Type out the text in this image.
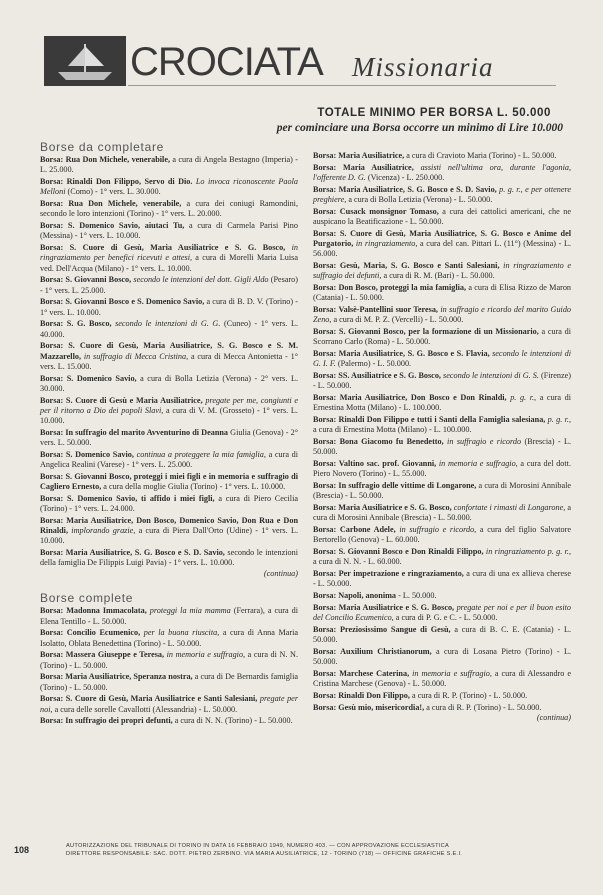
CROCIATA Missionaria
TOTALE MINIMO PER BORSA L. 50.000
per cominciare una Borsa occorre un minimo di Lire 10.000
Borse da completare
Borsa: Rua Don Michele, venerabile, a cura di Angela Bestagno (Imperia) - L. 25.000.
Borsa: Rinaldi Don Filippo, Servo di Dio. Lo invoca riconoscente Paola Melloni (Como) - 1° vers. L. 30.000.
Borsa: Rua Don Michele, venerabile, a cura dei coniugi Ramondini, secondo le loro intenzioni (Torino) - 1° vers. L. 20.000.
Borsa: S. Domenico Savio, aiutaci Tu, a cura di Carmela Parisi Pino (Messina) - 1° vers. L. 10.000.
Borsa: S. Cuore di Gesù, Maria Ausiliatrice e S. G. Bosco, in ringraziamento per benefici ricevuti e attesi, a cura di Morelli Maria Luisa ved. Dell'Acqua (Milano) - 1° vers. L. 10.000.
Borsa: S. Giovanni Bosco, secondo le intenzioni del dott. Gigli Aldo (Pesaro) - 1° vers. L. 25.000.
Borsa: S. Giovanni Bosco e S. Domenico Savio, a cura di B. D. V. (Torino) - 1° vers. L. 10.000.
Borsa: S. G. Bosco, secondo le intenzioni di G. G. (Cuneo) - 1° vers. L. 40.000.
Borsa: S. Cuore di Gesù, Maria Ausiliatrice, S. G. Bosco e S. M. Mazzarello, in suffragio di Mecca Cristina, a cura di Mecca Antonietta - 1° vers. L. 15.000.
Borsa: S. Domenico Savio, a cura di Bolla Letizia (Verona) - 2° vers. L. 30.000.
Borsa: S. Cuore di Gesù e Maria Ausiliatrice, pregate per me, congiunti e per il ritorno a Dio dei popoli Slavi, a cura di V. M. (Grosseto) - 1° vers. L. 10.000.
Borsa: In suffragio del marito Avventurino di Deanna Giulia (Genova) - 2° vers. L. 50.000.
Borsa: S. Domenico Savio, continua a proteggere la mia famiglia, a cura di Angelica Realini (Varese) - 1° vers. L. 25.000.
Borsa: S. Giovanni Bosco, proteggi i miei figli e in memoria e suffragio di Cagliero Ernesto, a cura della moglie Giulia (Torino) - 1° vers. L. 10.000.
Borsa: S. Domenico Savio, ti affido i miei figli, a cura di Piero Cecilia (Torino) - 1° vers. L. 24.000.
Borsa: Maria Ausiliatrice, Don Bosco, Domenico Savio, Don Rua e Don Rinaldi, implorando grazie, a cura di Piera Dall'Orto (Udine) - 1° vers. L. 10.000.
Borsa: Maria Ausiliatrice, S. G. Bosco e S. D. Savio, secondo le intenzioni della famiglia De Filippis Luigi Pavia) - 1° vers. L. 10.000.
(continua)
Borse complete
Borsa: Madonna Immacolata, proteggi la mia mamma (Ferrara), a cura di Elena Tentillo - L. 50.000.
Borsa: Concilio Ecumenico, per la buona riuscita, a cura di Anna Maria Isolatto, Oblata Benedettina (Torino) - L. 50.000.
Borsa: Massera Giuseppe e Teresa, in memoria e suffragio, a cura di N. N. (Torino) - L. 50.000.
Borsa: Maria Ausiliatrice, Speranza nostra, a cura di De Bernardis famiglia (Torino) - L. 50.000.
Borsa: S. Cuore di Gesù, Maria Ausiliatrice e Santi Salesiani, pregate per noi, a cura delle sorelle Cavallotti (Alessandria) - L. 50.000.
Borsa: In suffragio dei propri defunti, a cura di N. N. (Torino) - L. 50.000.
Borsa: Maria Ausiliatrice, a cura di Cravioto Maria (Torino) - L. 50.000.
Borsa: Maria Ausiliatrice, assisti nell'ultima ora, durante l'agonia, l'offerente D. G. (Vicenza) - L. 250.000.
Borsa: Maria Ausiliatrice, S. G. Bosco e S. D. Savio, p. g. r., e per ottenere preghiere, a cura di Bolla Letizia (Verona) - L. 50.000.
Borsa: Cusack monsignor Tomaso, a cura dei cattolici americani, che ne auspicano la Beatificazione - L. 50.000.
Borsa: S. Cuore di Gesù, Maria Ausiliatrice, S. G. Bosco e Anime del Purgatorio, in ringraziamento, a cura del can. Pittari L. (11°) (Messina) - L. 56.000.
Borsa: Gesù, Maria, S. G. Bosco e Santi Salesiani, in ringraziamento e suffragio dei defunti, a cura di R. M. (Bari) - L. 50.000.
Borsa: Don Bosco, proteggi la mia famiglia, a cura di Elisa Rizzo de Maron (Catania) - L. 50.000.
Borsa: Valsè-Pantellini suor Teresa, in suffragio e ricordo del marito Guido Zeno, a cura di M. P. Z. (Vercelli) - L. 50.000.
Borsa: S. Giovanni Bosco, per la formazione di un Missionario, a cura di Scorrano Carlo (Roma) - L. 50.000.
Borsa: Maria Ausiliatrice, S. G. Bosco e S. Flavia, secondo le intenzioni di G. I. F. (Palermo) - L. 50.000.
Borsa: SS. Ausiliatrice e S. G. Bosco, secondo le intenzioni di G. S. (Firenze) - L. 50.000.
Borsa: Maria Ausiliatrice, Don Bosco e Don Rinaldi, p. g. r., a cura di Ernestina Motta (Milano) - L. 100.000.
Borsa: Rinaldi Don Filippo e tutti i Santi della Famiglia salesiana, p. g. r., a cura di Ernestina Motta (Milano) - L. 100.000.
Borsa: Bona Giacomo fu Benedetto, in suffragio e ricordo (Brescia) - L. 50.000.
Borsa: Valtino sac. prof. Giovanni, in memoria e suffragio, a cura del dott. Piero Novero (Torino) - L. 55.000.
Borsa: In suffragio delle vittime di Longarone, a cura di Morosini Annibale (Brescia) - L. 50.000.
Borsa: Maria Ausiliatrice e S. G. Bosco, confortate i rimasti di Longarone, a cura di Morosini Annibale (Brescia) - L. 50.000.
Borsa: Carbone Adele, in suffragio e ricordo, a cura del figlio Salvatore Bertorello (Genova) - L. 60.000.
Borsa: S. Giovanni Bosco e Don Rinaldi Filippo, in ringraziamento p. g. r., a cura di N. N. - L. 60.000.
Borsa: Per impetrazione e ringraziamento, a cura di una ex allieva cherese - L. 50.000.
Borsa: Napoli, anonima - L. 50.000.
Borsa: Maria Ausiliatrice e S. G. Bosco, pregate per noi e per il buon esito del Concilio Ecumenico, a cura di P. G. e C. - L. 50.000.
Borsa: Preziosissimo Sangue di Gesù, a cura di B. C. E. (Catania) - L. 50.000.
Borsa: Auxilium Christianorum, a cura di Losana Pietro (Torino) - L. 50.000.
Borsa: Marchese Caterina, in memoria e suffragio, a cura di Alessandro e Cristina Marchese (Genova) - L. 50.000.
Borsa: Rinaldi Don Filippo, a cura di R. P. (Torino) - L. 50.000.
Borsa: Gesù mio, misericordia!, a cura di R. P. (Torino) - L. 50.000.
(continua)
108	AUTORIZZAZIONE DEL TRIBUNALE DI TORINO IN DATA 16 FEBBRAIO 1949, NUMERO 403. — CON APPROVAZIONE ECCLESIASTICA
DIRETTORE RESPONSABILE: SAC. DOTT. PIETRO ZERBINO. VIA MARIA AUSILIATRICE, 12 - TORINO (718) — OFFICINE GRAFICHE S.E.I.
